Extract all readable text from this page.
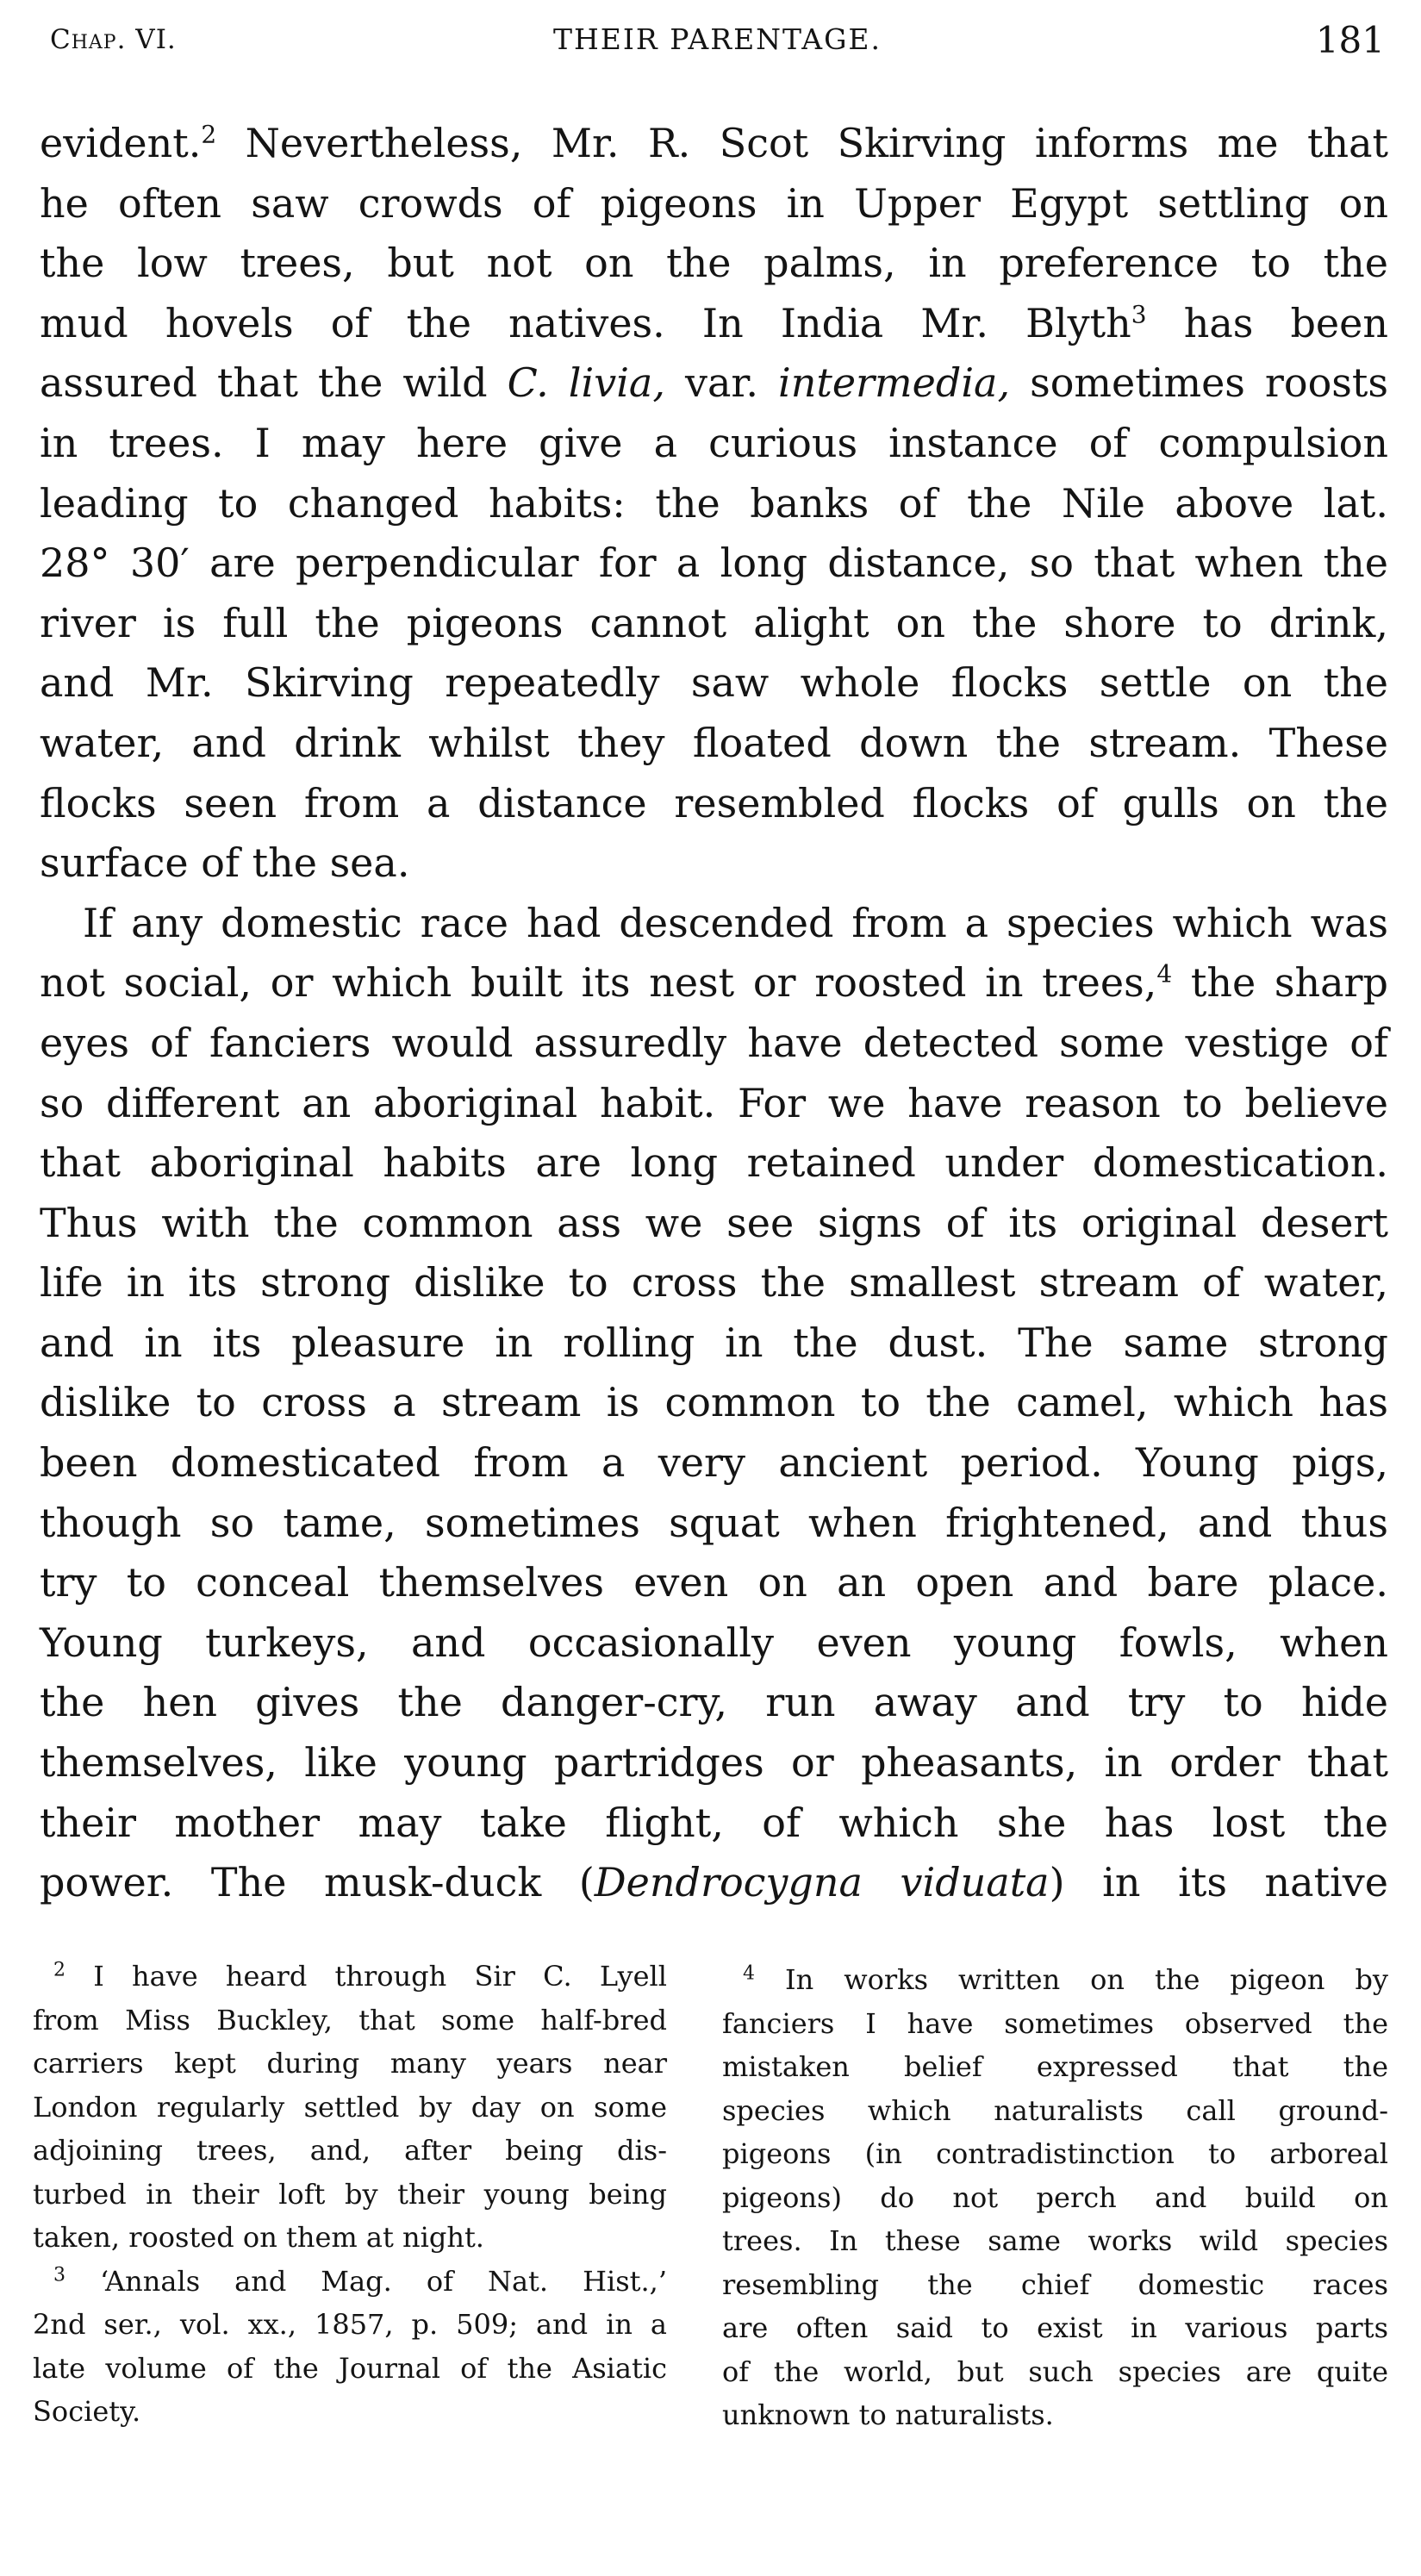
Chap. VI.	THEIR PARENTAGE.	181

evident.$^2$ Nevertheless, Mr. R. Scot Skirving informs me that
he often saw crowds of pigeons in Upper Egypt settling on
the low trees, but not on the palms, in preference to the
mud hovels of the natives. In India Mr. Blyth$^3$ has been
assured that the wild C. livia, var. intermedia, sometimes roosts
in trees. I may here give a curious instance of compulsion
leading to changed habits: the banks of the Nile above lat.
28° 30′ are perpendicular for a long distance, so that when the
river is full the pigeons cannot alight on the shore to drink,
and Mr. Skirving repeatedly saw whole flocks settle on the
water, and drink whilst they floated down the stream. These
flocks seen from a distance resembled flocks of gulls on the
surface of the sea.

If any domestic race had descended from a species which was
not social, or which built its nest or roosted in trees,$^4$ the sharp
eyes of fanciers would assuredly have detected some vestige of
so different an aboriginal habit. For we have reason to believe
that aboriginal habits are long retained under domestication.
Thus with the common ass we see signs of its original desert
life in its strong dislike to cross the smallest stream of water,
and in its pleasure in rolling in the dust. The same strong
dislike to cross a stream is common to the camel, which has
been domesticated from a very ancient period. Young pigs,
though so tame, sometimes squat when frightened, and thus
try to conceal themselves even on an open and bare place.
Young turkeys, and occasionally even young fowls, when
the hen gives the danger-cry, run away and try to hide
themselves, like young partridges or pheasants, in order that
their mother may take flight, of which she has lost the
power. The musk-duck (Dendrocygna viduata) in its native

$^2$ I have heard through Sir C. Lyell
from Miss Buckley, that some half-bred
carriers kept during many years near
London regularly settled by day on some
adjoining trees, and, after being dis-
turbed in their loft by their young being
taken, roosted on them at night.

$^3$ ‘Annals and Mag. of Nat. Hist.,’
2nd ser., vol. xx., 1857, p. 509; and in a
late volume of the Journal of the Asiatic
Society.

$^4$ In works written on the pigeon by
fanciers I have sometimes observed the
mistaken belief expressed that the
species which naturalists call ground-
pigeons (in contradistinction to arboreal
pigeons) do not perch and build on
trees. In these same works wild species
resembling the chief domestic races
are often said to exist in various parts
of the world, but such species are quite
unknown to naturalists.
